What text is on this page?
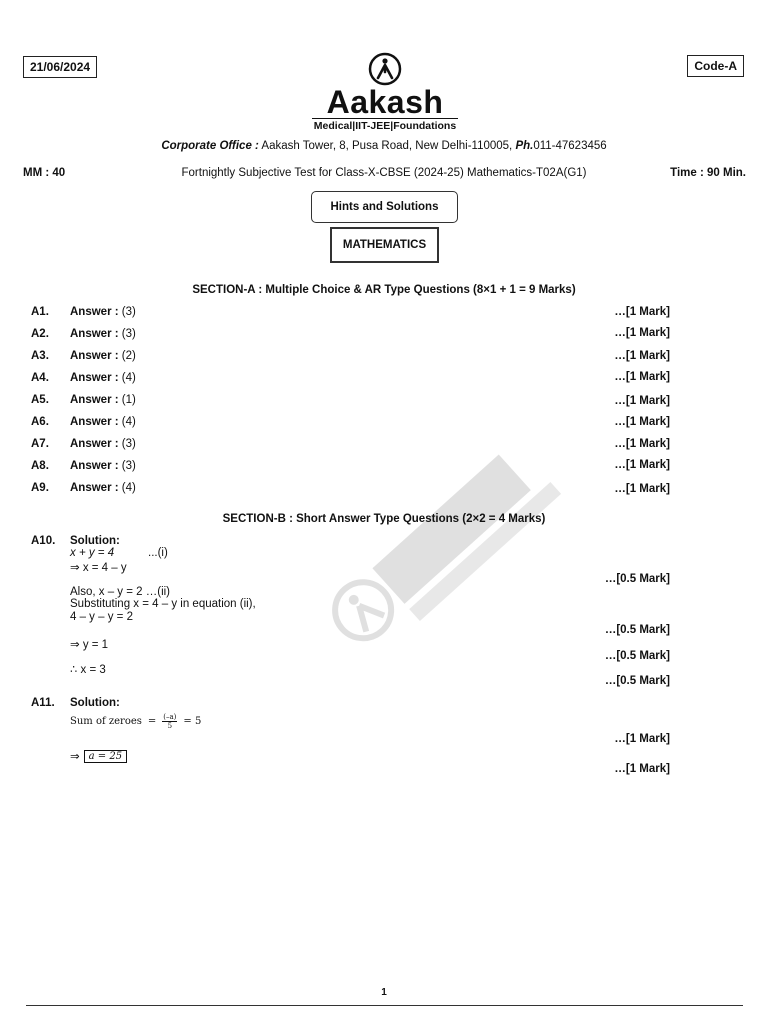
21/06/2024	Code-A
Aakash
Medical|IIT-JEE|Foundations
Corporate Office : Aakash Tower, 8, Pusa Road, New Delhi-110005, Ph.011-47623456
MM : 40	Fortnightly Subjective Test for Class-X-CBSE (2024-25) Mathematics-T02A(G1)	Time : 90 Min.
Hints and Solutions
MATHEMATICS
SECTION-A : Multiple Choice & AR Type Questions (8×1 + 1 = 9 Marks)
A1. Answer : (3)	…[1 Mark]
A2. Answer : (3)	…[1 Mark]
A3. Answer : (2)	…[1 Mark]
A4. Answer : (4)	…[1 Mark]
A5. Answer : (1)	…[1 Mark]
A6. Answer : (4)	…[1 Mark]
A7. Answer : (3)	…[1 Mark]
A8. Answer : (3)	…[1 Mark]
A9. Answer : (4)	…[1 Mark]
SECTION-B : Short Answer Type Questions (2×2 = 4 Marks)
A10. Solution:
x + y = 4	...(i)
⇒ x = 4 – y
…[0.5 Mark]
Also, x – y = 2 …(ii)
Substituting x = 4 – y in equation (ii),
4 – y – y = 2
…[0.5 Mark]
⇒ y = 1
…[0.5 Mark]
∴ x = 3
…[0.5 Mark]
A11. Solution:
Sum of zeroes = $\frac{(-a)}{5} = 5$
…[1 Mark]
⇒ a = 25
…[1 Mark]
1
